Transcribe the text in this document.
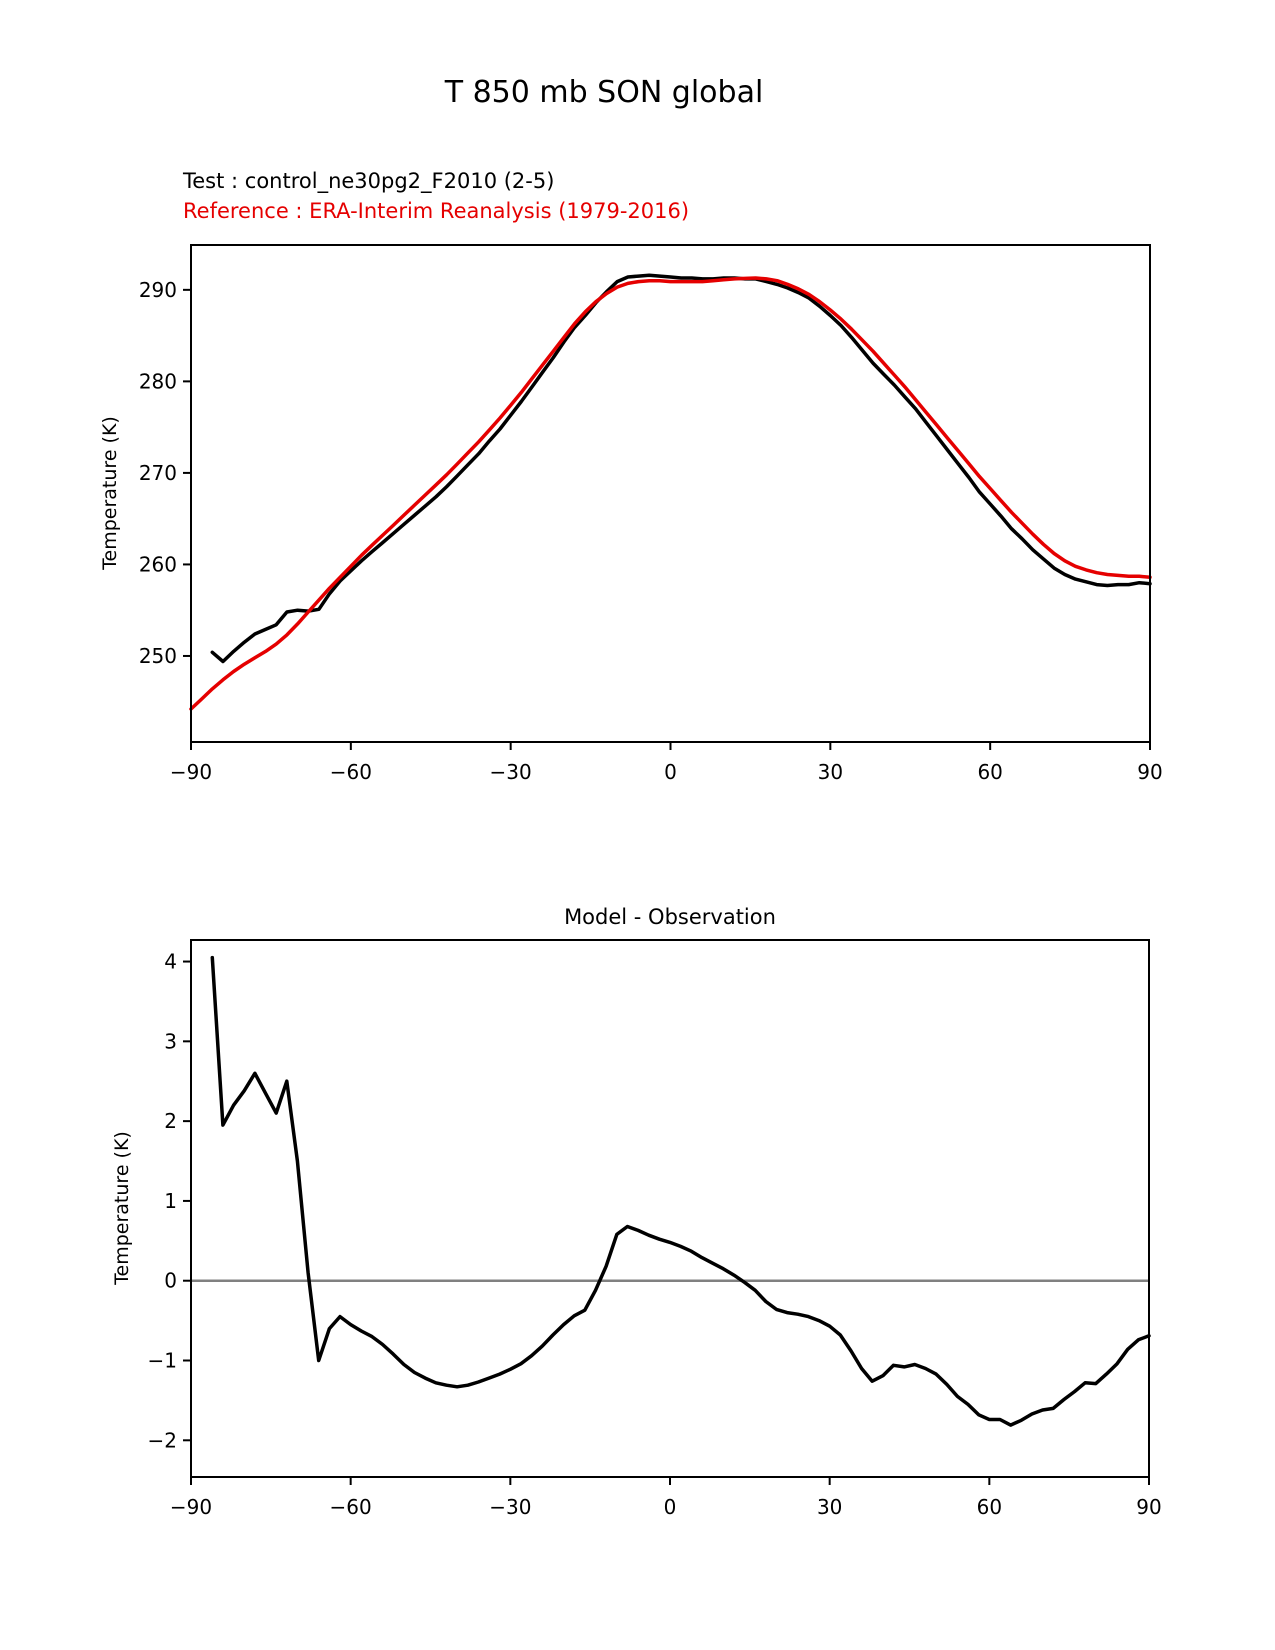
T 850 mb SON global
Test : control_ne30pg2_F2010 (2-5)
Reference : ERA-Interim Reanalysis (1979-2016)
Temperature (K)
Temperature (K)
Model - Observation
−90	−60	−30	0	30	60	90
250
260
270
280
290
−90	−60	−30	0	30	60	90
−2
−1
0
1
2
3
4
